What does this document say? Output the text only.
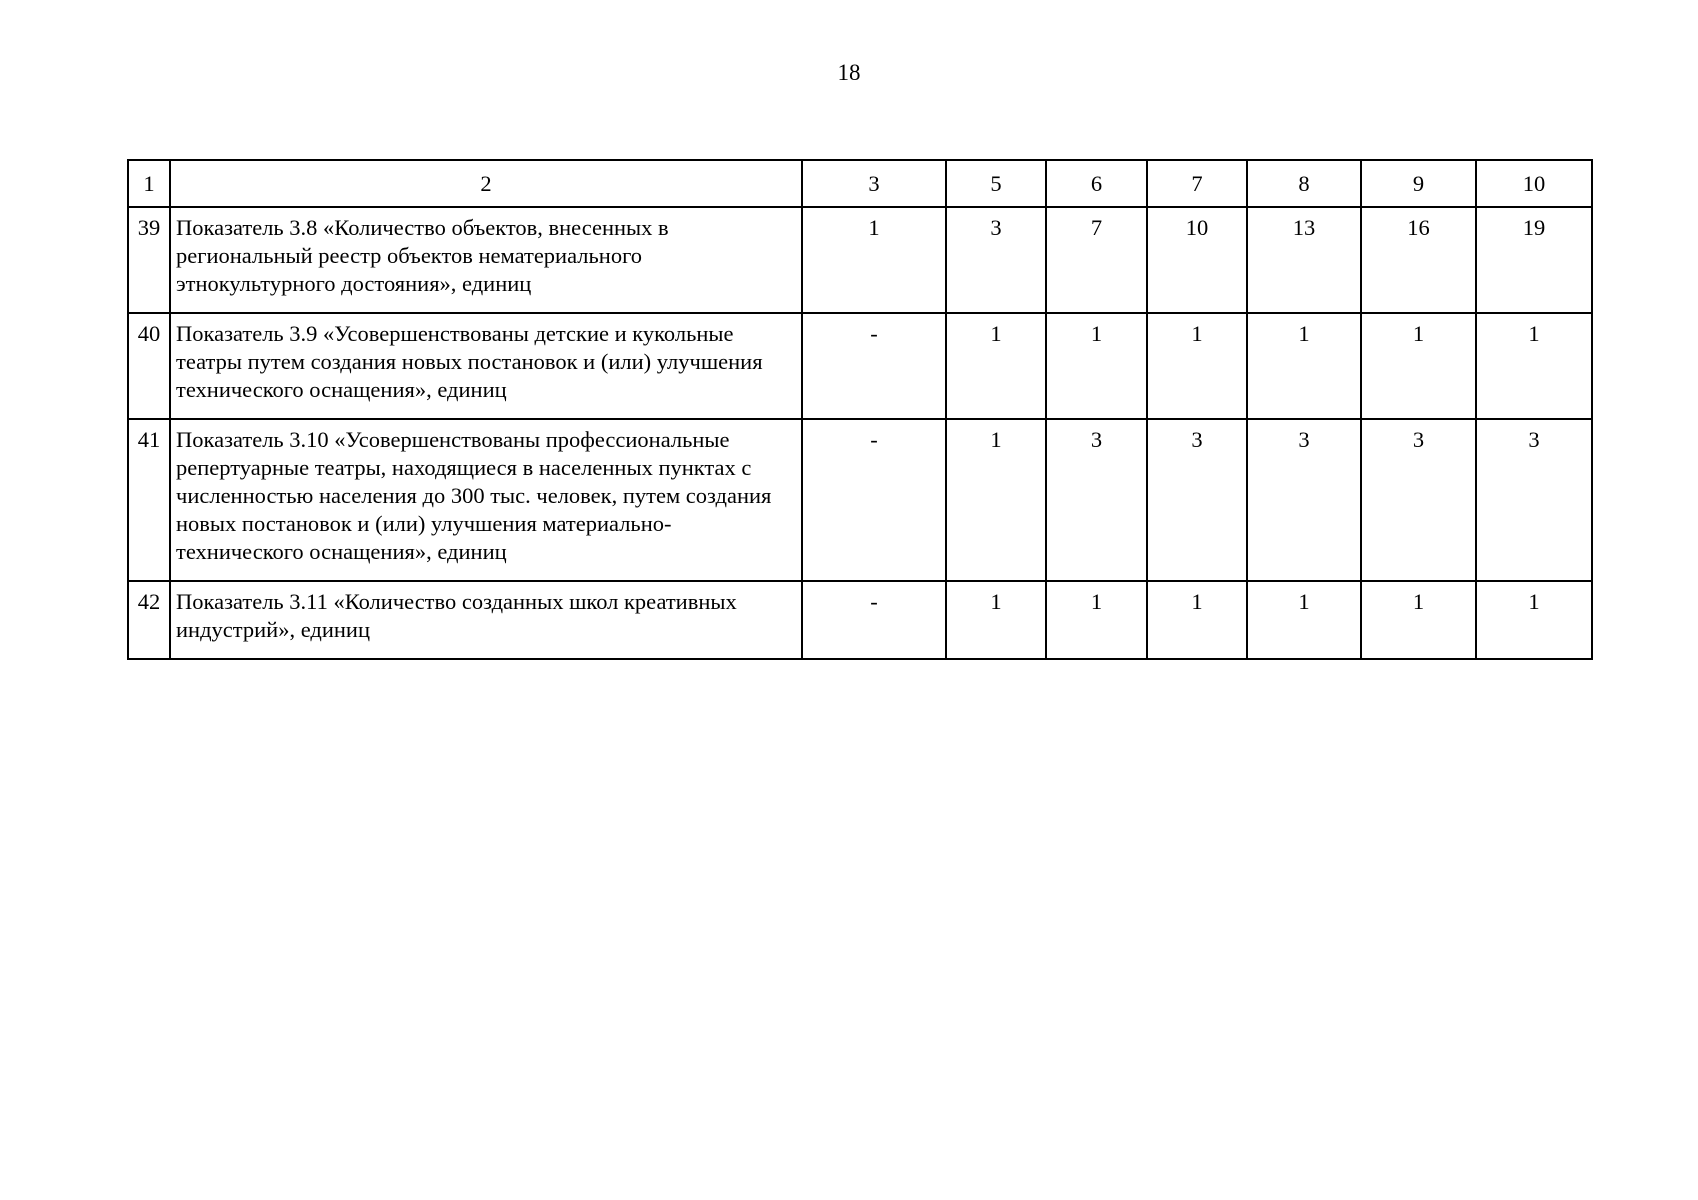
18
1	2	3	5	6	7	8	9	10
39	Показатель 3.8 «Количество объектов, внесенных в региональный реестр объектов нематериального этнокультурного достояния», единиц	1	3	7	10	13	16	19
40	Показатель 3.9 «Усовершенствованы детские и кукольные театры путем создания новых постановок и (или) улучшения технического оснащения», единиц	-	1	1	1	1	1	1
41	Показатель 3.10 «Усовершенствованы профессиональные репертуарные театры, находящиеся в населенных пунктах с численностью населения до 300 тыс. человек, путем создания новых постановок и (или) улучшения материально-технического оснащения», единиц	-	1	3	3	3	3	3
42	Показатель 3.11 «Количество созданных школ креативных индустрий», единиц	-	1	1	1	1	1	1
